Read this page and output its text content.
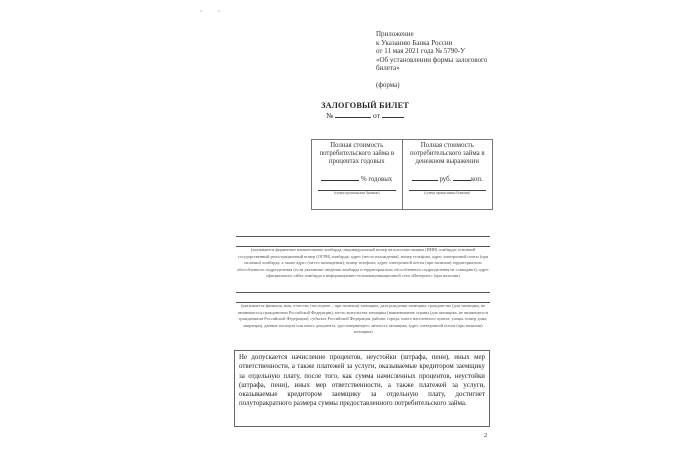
Приложение
к Указанию Банка России
от 11 мая 2021 года № 5790-У
«Об установлении формы залогового
билета»
(форма)
ЗАЛОГОВЫЙ БИЛЕТ
№	от
Полная стоимость потребительского займа в процентах годовых
% годовых
(сумма прописными буквами)
Полная стоимость потребительского займа в денежном выражении
руб.	коп.
(сумма прописными буквами)
(указывается фирменное наименование ломбарда; индивидуальный номер налогоплательщика (ИНН) ломбарда; основной государственный регистрационный номер (ОГРН) ломбарда; адрес (место нахождения), номер телефона, адрес электронной почты (при наличии) ломбарда, а также адрес (место нахождения), номер телефона, адрес электронной почты (при наличии) территориально обособленного подразделения (если указанные сведения ломбарда и территориально обособленного подразделения не совпадают); адрес официального сайта ломбарда в информационно-телекоммуникационной сети «Интернет» (при наличии)
(указывается фамилия, имя, отчество (последнее – при наличии) заемщика, дата рождения заемщика, гражданство (для заемщика, не являющегося гражданином Российской Федерации), место жительства заемщика (наименование страны (для заемщика, не являющегося гражданином Российской Федерации), субъекта Российской Федерации, района, города, иного населенного пункта, улицы, номер дома, квартиры), данные паспорта или иного документа, удостоверяющего личность заемщика, адрес электронной почты (при наличии) заемщика)
Не допускается начисление процентов, неустойки (штрафа, пени), иных мер ответственности, а также платежей за услуги, оказываемые кредитором заемщику за отдельную плату, после того, как сумма начисленных процентов, неустойки (штрафа, пени), иных мер ответственности, а также платежей за услуги, оказываемые кредитором заемщику за отдельную плату, достигнет полуторакратного размера суммы предоставленного потребительского займа.
2
